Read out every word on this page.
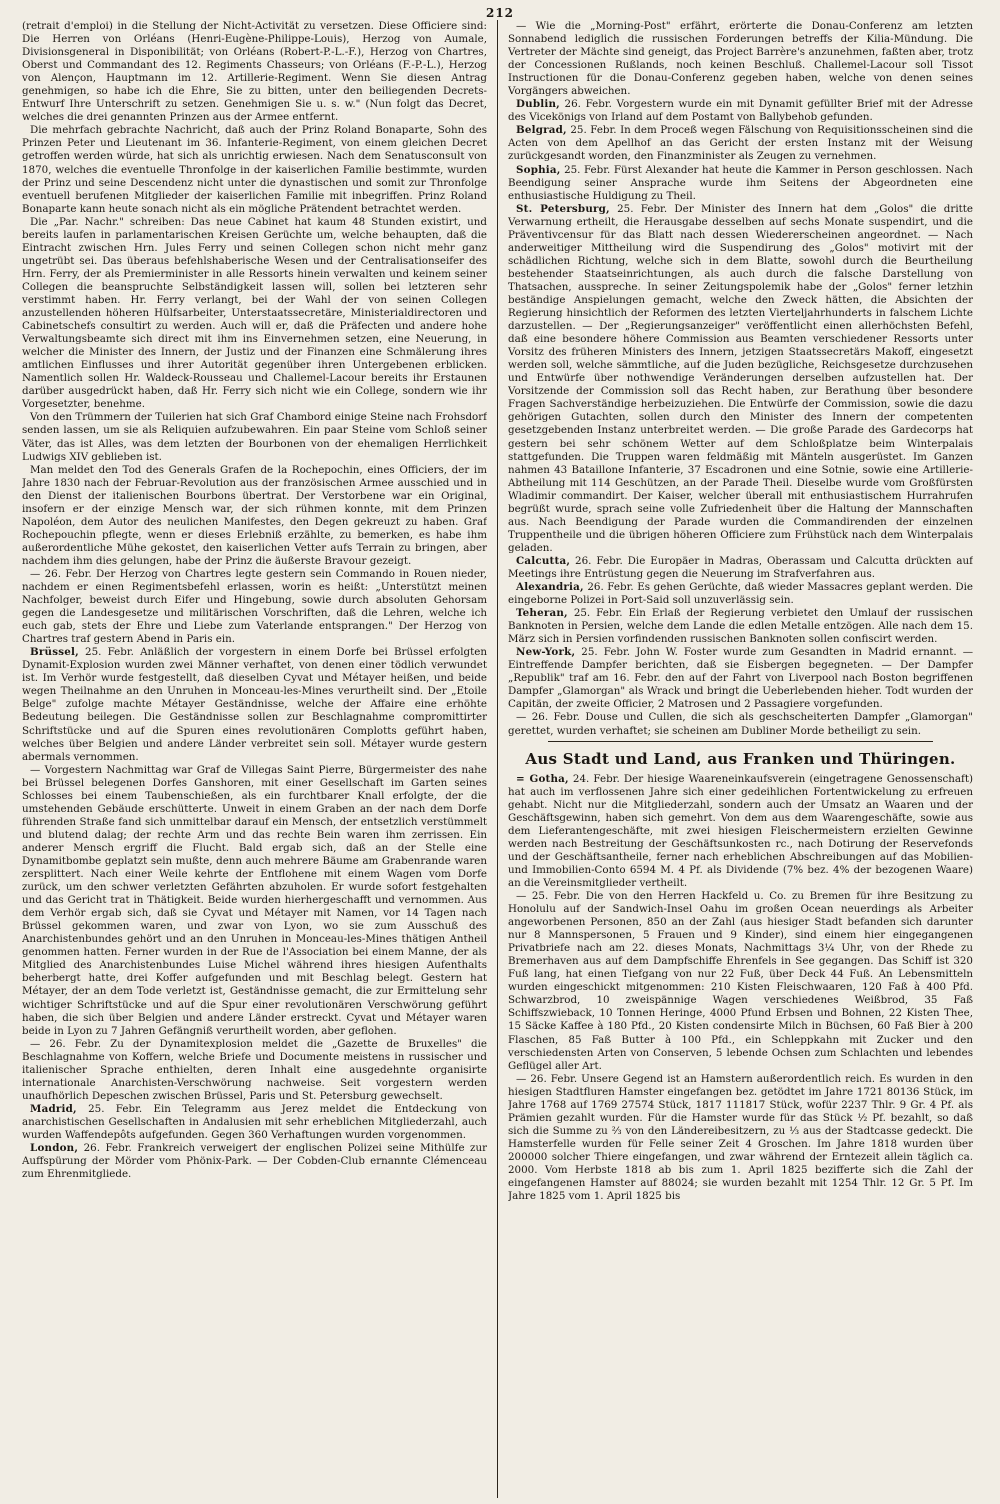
212

(retrait d'emploi) in die Stellung der Nicht-Activität zu versetzen. Diese Officiere sind: Die Herren von Orléans (Henri-Eugène-Philippe-Louis), Herzog von Aumale, Divisionsgeneral in Disponibilität; von Orléans (Robert-P.-L.-F.), Herzog von Chartres, Oberst und Commandant des 12. Regiments Chasseurs; von Orléans (F.-P.-L.), Herzog von Alençon, Hauptmann im 12. Artillerie-Regiment. Wenn Sie diesen Antrag genehmigen, so habe ich die Ehre, Sie zu bitten, unter den beiliegenden Decrets-Entwurf Ihre Unterschrift zu setzen. Genehmigen Sie u. s. w." (Nun folgt das Decret, welches die drei genannten Prinzen aus der Armee entfernt.

Die mehrfach gebrachte Nachricht, daß auch der Prinz Roland Bonaparte, Sohn des Prinzen Peter und Lieutenant im 36. Infanterie-Regiment, von einem gleichen Decret getroffen werden würde, hat sich als unrichtig erwiesen. Nach dem Senatusconsult von 1870, welches die eventuelle Thronfolge in der kaiserlichen Familie bestimmte, wurden der Prinz und seine Descendenz nicht unter die dynastischen und somit zur Thronfolge eventuell berufenen Mitglieder der kaiserlichen Familie mit inbegriffen. Prinz Roland Bonaparte kann heute sonach nicht als ein mögliche Prätendent betrachtet werden.

Die „Par. Nachr." schreiben: Das neue Cabinet hat kaum 48 Stunden existirt, und bereits laufen in parlamentarischen Kreisen Gerüchte um, welche behaupten, daß die Eintracht zwischen Hrn. Jules Ferry und seinen Collegen schon nicht mehr ganz ungetrübt sei. Das überaus befehlshaberische Wesen und der Centralisationseifer des Hrn. Ferry, der als Premierminister in alle Ressorts hinein verwalten und keinem seiner Collegen die beanspruchte Selbständigkeit lassen will, sollen bei letzteren sehr verstimmt haben. Hr. Ferry verlangt, bei der Wahl der von seinen Collegen anzustellenden höheren Hülfsarbeiter, Unterstaatssecretäre, Ministerialdirectoren und Cabinetschefs consultirt zu werden. Auch will er, daß die Präfecten und andere hohe Verwaltungsbeamte sich direct mit ihm ins Einvernehmen setzen, eine Neuerung, in welcher die Minister des Innern, der Justiz und der Finanzen eine Schmälerung ihres amtlichen Einflusses und ihrer Autorität gegenüber ihren Untergebenen erblicken. Namentlich sollen Hr. Waldeck-Rousseau und Challemel-Lacour bereits ihr Erstaunen darüber ausgedrückt haben, daß Hr. Ferry sich nicht wie ein College, sondern wie ihr Vorgesetzter, benehme.

Von den Trümmern der Tuilerien hat sich Graf Chambord einige Steine nach Frohsdorf senden lassen, um sie als Reliquien aufzubewahren. Ein paar Steine vom Schloß seiner Väter, das ist Alles, was dem letzten der Bourbonen von der ehemaligen Herrlichkeit Ludwigs XIV geblieben ist.

Man meldet den Tod des Generals Grafen de la Rochepochin, eines Officiers, der im Jahre 1830 nach der Februar-Revolution aus der französischen Armee ausschied und in den Dienst der italienischen Bourbons übertrat. Der Verstorbene war ein Original, insofern er der einzige Mensch war, der sich rühmen konnte, mit dem Prinzen Napoléon, dem Autor des neulichen Manifestes, den Degen gekreuzt zu haben. Graf Rochepouchin pflegte, wenn er dieses Erlebniß erzählte, zu bemerken, es habe ihm außerordentliche Mühe gekostet, den kaiserlichen Vetter aufs Terrain zu bringen, aber nachdem ihm dies gelungen, habe der Prinz die äußerste Bravour gezeigt.

— 26. Febr. Der Herzog von Chartres legte gestern sein Commando in Rouen nieder, nachdem er einen Regimentsbefehl erlassen, worin es heißt: „Unterstützt meinen Nachfolger, beweist durch Eifer und Hingebung, sowie durch absoluten Gehorsam gegen die Landesgesetze und militärischen Vorschriften, daß die Lehren, welche ich euch gab, stets der Ehre und Liebe zum Vaterlande entsprangen." Der Herzog von Chartres traf gestern Abend in Paris ein.

Brüssel, 25. Febr. Anläßlich der vorgestern in einem Dorfe bei Brüssel erfolgten Dynamit-Explosion wurden zwei Männer verhaftet, von denen einer tödlich verwundet ist. Im Verhör wurde festgestellt, daß dieselben Cyvat und Métayer heißen, und beide wegen Theilnahme an den Unruhen in Monceau-les-Mines verurtheilt sind. Der „Etoile Belge" zufolge machte Métayer Geständnisse, welche der Affaire eine erhöhte Bedeutung beilegen. Die Geständnisse sollen zur Beschlagnahme compromittirter Schriftstücke und auf die Spuren eines revolutionären Complotts geführt haben, welches über Belgien und andere Länder verbreitet sein soll. Métayer wurde gestern abermals vernommen.

— Vorgestern Nachmittag war Graf de Villegas Saint Pierre, Bürgermeister des nahe bei Brüssel belegenen Dorfes Ganshoren, mit einer Gesellschaft im Garten seines Schlosses bei einem Taubenschießen, als ein furchtbarer Knall erfolgte, der die umstehenden Gebäude erschütterte. Unweit in einem Graben an der nach dem Dorfe führenden Straße fand sich unmittelbar darauf ein Mensch, der entsetzlich verstümmelt und blutend dalag; der rechte Arm und das rechte Bein waren ihm zerrissen. Ein anderer Mensch ergriff die Flucht. Bald ergab sich, daß an der Stelle eine Dynamitbombe geplatzt sein mußte, denn auch mehrere Bäume am Grabenrande waren zersplittert. Nach einer Weile kehrte der Entflohene mit einem Wagen vom Dorfe zurück, um den schwer verletzten Gefährten abzuholen. Er wurde sofort festgehalten und das Gericht trat in Thätigkeit. Beide wurden hierhergeschafft und vernommen. Aus dem Verhör ergab sich, daß sie Cyvat und Métayer mit Namen, vor 14 Tagen nach Brüssel gekommen waren, und zwar von Lyon, wo sie zum Ausschuß des Anarchistenbundes gehört und an den Unruhen in Monceau-les-Mines thätigen Antheil genommen hatten. Ferner wurden in der Rue de l'Association bei einem Manne, der als Mitglied des Anarchistenbundes Luise Michel während ihres hiesigen Aufenthalts beherbergt hatte, drei Koffer aufgefunden und mit Beschlag belegt. Gestern hat Métayer, der an dem Tode verletzt ist, Geständnisse gemacht, die zur Ermittelung sehr wichtiger Schriftstücke und auf die Spur einer revolutionären Verschwörung geführt haben, die sich über Belgien und andere Länder erstreckt. Cyvat und Métayer waren beide in Lyon zu 7 Jahren Gefängniß verurtheilt worden, aber geflohen.

— 26. Febr. Zu der Dynamitexplosion meldet die „Gazette de Bruxelles" die Beschlagnahme von Koffern, welche Briefe und Documente meistens in russischer und italienischer Sprache enthielten, deren Inhalt eine ausgedehnte organisirte internationale Anarchisten-Verschwörung nachweise. Seit vorgestern werden unaufhörlich Depeschen zwischen Brüssel, Paris und St. Petersburg gewechselt.

Madrid, 25. Febr. Ein Telegramm aus Jerez meldet die Entdeckung von anarchistischen Gesellschaften in Andalusien mit sehr erheblichen Mitgliederzahl, auch wurden Waffendepôts aufgefunden. Gegen 360 Verhaftungen wurden vorgenommen.

London, 26. Febr. Frankreich verweigert der englischen Polizei seine Mithülfe zur Auffspürung der Mörder vom Phönix-Park. — Der Cobden-Club ernannte Clémenceau zum Ehrenmitgliede.

— Wie die „Morning-Post" erfährt, erörterte die Donau-Conferenz am letzten Sonnabend lediglich die russischen Forderungen betreffs der Kilia-Mündung. Die Vertreter der Mächte sind geneigt, das Project Barrère's anzunehmen, faßten aber, trotz der Concessionen Rußlands, noch keinen Beschluß. Challemel-Lacour soll Tissot Instructionen für die Donau-Conferenz gegeben haben, welche von denen seines Vorgängers abweichen.

Dublin, 26. Febr. Vorgestern wurde ein mit Dynamit gefüllter Brief mit der Adresse des Vicekönigs von Irland auf dem Postamt von Ballybehob gefunden.

Belgrad, 25. Febr. In dem Proceß wegen Fälschung von Requisitionsscheinen sind die Acten von dem Apellhof an das Gericht der ersten Instanz mit der Weisung zurückgesandt worden, den Finanzminister als Zeugen zu vernehmen.

Sophia, 25. Febr. Fürst Alexander hat heute die Kammer in Person geschlossen. Nach Beendigung seiner Ansprache wurde ihm Seitens der Abgeordneten eine enthusiastische Huldigung zu Theil.

St. Petersburg, 25. Febr. Der Minister des Innern hat dem „Golos" die dritte Verwarnung ertheilt, die Herausgabe desselben auf sechs Monate suspendirt, und die Präventivcensur für das Blatt nach dessen Wiedererscheinen angeordnet. — Nach anderweitiger Mittheilung wird die Suspendirung des „Golos" motivirt mit der schädlichen Richtung, welche sich in dem Blatte, sowohl durch die Beurtheilung bestehender Staatseinrichtungen, als auch durch die falsche Darstellung von Thatsachen, ausspreche. In seiner Zeitungspolemik habe der „Golos" ferner letzhin beständige Anspielungen gemacht, welche den Zweck hätten, die Absichten der Regierung hinsichtlich der Reformen des letzten Vierteljahrhunderts in falschem Lichte darzustellen. — Der „Regierungsanzeiger" veröffentlicht einen allerhöchsten Befehl, daß eine besondere höhere Commission aus Beamten verschiedener Ressorts unter Vorsitz des früheren Ministers des Innern, jetzigen Staatssecretärs Makoff, eingesetzt werden soll, welche sämmtliche, auf die Juden bezügliche, Reichsgesetze durchzusehen und Entwürfe über nothwendige Veränderungen derselben aufzustellen hat. Der Vorsitzende der Commission soll das Recht haben, zur Berathung über besondere Fragen Sachverständige herbeizuziehen. Die Entwürfe der Commission, sowie die dazu gehörigen Gutachten, sollen durch den Minister des Innern der competenten gesetzgebenden Instanz unterbreitet werden. — Die große Parade des Gardecorps hat gestern bei sehr schönem Wetter auf dem Schloßplatze beim Winterpalais stattgefunden. Die Truppen waren feldmäßig mit Mänteln ausgerüstet. Im Ganzen nahmen 43 Bataillone Infanterie, 37 Escadronen und eine Sotnie, sowie eine Artillerie-Abtheilung mit 114 Geschützen, an der Parade Theil. Dieselbe wurde vom Großfürsten Wladimir commandirt. Der Kaiser, welcher überall mit enthusiastischem Hurrahrufen begrüßt wurde, sprach seine volle Zufriedenheit über die Haltung der Mannschaften aus. Nach Beendigung der Parade wurden die Commandirenden der einzelnen Truppentheile und die übrigen höheren Officiere zum Frühstück nach dem Winterpalais geladen.

Calcutta, 26. Febr. Die Europäer in Madras, Oberassam und Calcutta drückten auf Meetings ihre Entrüstung gegen die Neuerung im Strafverfahren aus.

Alexandria, 26. Febr. Es gehen Gerüchte, daß wieder Massacres geplant werden. Die eingeborne Polizei in Port-Said soll unzuverlässig sein.

Teheran, 25. Febr. Ein Erlaß der Regierung verbietet den Umlauf der russischen Banknoten in Persien, welche dem Lande die edlen Metalle entzögen. Alle nach dem 15. März sich in Persien vorfindenden russischen Banknoten sollen confiscirt werden.

New-York, 25. Febr. John W. Foster wurde zum Gesandten in Madrid ernannt. — Eintreffende Dampfer berichten, daß sie Eisbergen begegneten. — Der Dampfer „Republik" traf am 16. Febr. den auf der Fahrt von Liverpool nach Boston begriffenen Dampfer „Glamorgan" als Wrack und bringt die Ueberlebenden hieher. Todt wurden der Capitän, der zweite Officier, 2 Matrosen und 2 Passagiere vorgefunden.

— 26. Febr. Douse und Cullen, die sich als geschscheiterten Dampfer „Glamorgan" gerettet, wurden verhaftet; sie scheinen am Dubliner Morde betheiligt zu sein.

Aus Stadt und Land, aus Franken und Thüringen.

= Gotha, 24. Febr. Der hiesige Waareneinkaufsverein (eingetragene Genossenschaft) hat auch im verflossenen Jahre sich einer gedeihlichen Fortentwickelung zu erfreuen gehabt. Nicht nur die Mitgliederzahl, sondern auch der Umsatz an Waaren und der Geschäftsgewinn, haben sich gemehrt. Von dem aus dem Waarengeschäfte, sowie aus dem Lieferantengeschäfte, mit zwei hiesigen Fleischermeistern erzielten Gewinne werden nach Bestreitung der Geschäftsunkosten rc., nach Dotirung der Reservefonds und der Geschäftsantheile, ferner nach erheblichen Abschreibungen auf das Mobilien- und Immobilien-Conto 6594 M. 4 Pf. als Dividende (7% bez. 4% der bezogenen Waare) an die Vereinsmitglieder vertheilt.

— 25. Febr. Die von den Herren Hackfeld u. Co. zu Bremen für ihre Besitzung zu Honolulu auf der Sandwich-Insel Oahu im großen Ocean neuerdings als Arbeiter angeworbenen Personen, 850 an der Zahl (aus hiesiger Stadt befanden sich darunter nur 8 Mannspersonen, 5 Frauen und 9 Kinder), sind einem hier eingegangenen Privatbriefe nach am 22. dieses Monats, Nachmittags 3¼ Uhr, von der Rhede zu Bremerhaven aus auf dem Dampfschiffe Ehrenfels in See gegangen. Das Schiff ist 320 Fuß lang, hat einen Tiefgang von nur 22 Fuß, über Deck 44 Fuß. An Lebensmitteln wurden eingeschickt mitgenommen: 210 Kisten Fleischwaaren, 120 Faß à 400 Pfd. Schwarzbrod, 10 zweispännige Wagen verschiedenes Weißbrod, 35 Faß Schiffszwieback, 10 Tonnen Heringe, 4000 Pfund Erbsen und Bohnen, 22 Kisten Thee, 15 Säcke Kaffee à 180 Pfd., 20 Kisten condensirte Milch in Büchsen, 60 Faß Bier à 200 Flaschen, 85 Faß Butter à 100 Pfd., ein Schleppkahn mit Zucker und den verschiedensten Arten von Conserven, 5 lebende Ochsen zum Schlachten und lebendes Geflügel aller Art.

— 26. Febr. Unsere Gegend ist an Hamstern außerordentlich reich. Es wurden in den hiesigen Stadtfluren Hamster eingefangen bez. getödtet im Jahre 1721 80136 Stück, im Jahre 1768 auf 1769 27574 Stück, 1817 111817 Stück, wofür 2237 Thlr. 9 Gr. 4 Pf. als Prämien gezahlt wurden. Für die Hamster wurde für das Stück ½ Pf. bezahlt, so daß sich die Summe zu ⅔ von den Ländereibesitzern, zu ⅓ aus der Stadtcasse gedeckt. Die Hamsterfelle wurden für Felle seiner Zeit 4 Groschen. Im Jahre 1818 wurden über 200000 solcher Thiere eingefangen, und zwar während der Erntezeit allein täglich ca. 2000. Vom Herbste 1818 ab bis zum 1. April 1825 bezifferte sich die Zahl der eingefangenen Hamster auf 88024; sie wurden bezahlt mit 1254 Thlr. 12 Gr. 5 Pf. Im Jahre 1825 vom 1. April 1825 bis
